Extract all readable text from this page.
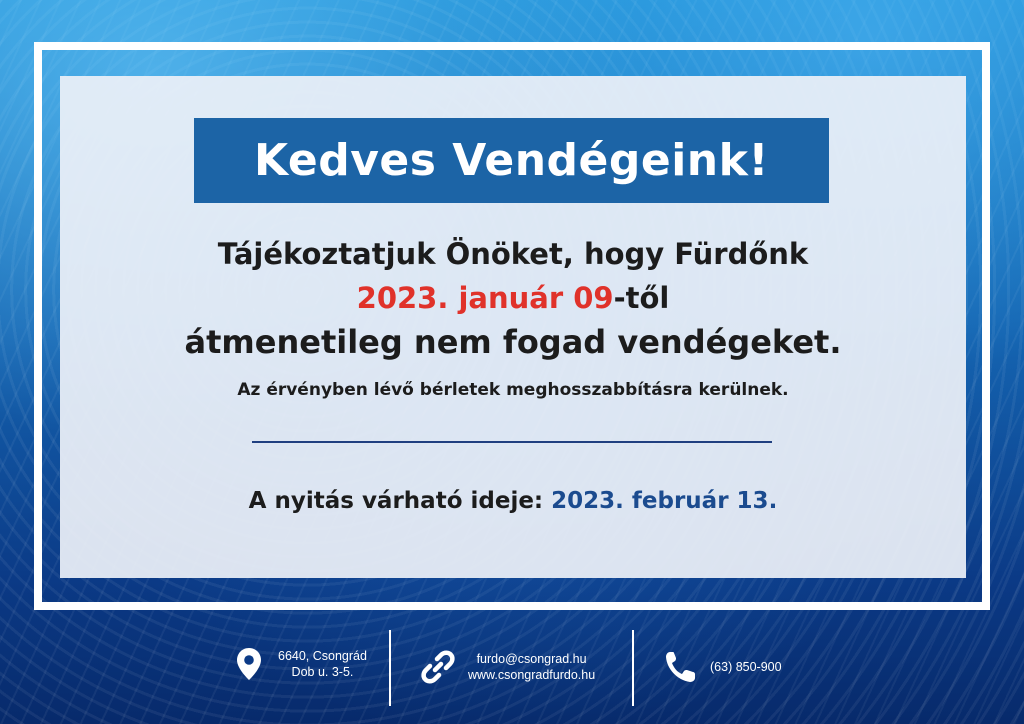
Kedves Vendégeink!
Tájékoztatjuk Önöket, hogy Fürdőnk
2023. január 09-től
átmenetileg nem fogad vendégeket.
Az érvényben lévő bérletek meghosszabbításra kerülnek.
A nyitás várható ideje: 2023. február 13.
6640, Csongrád
Dob u. 3-5.
furdo@csongrad.hu
www.csongradfurdo.hu
(63) 850-900
